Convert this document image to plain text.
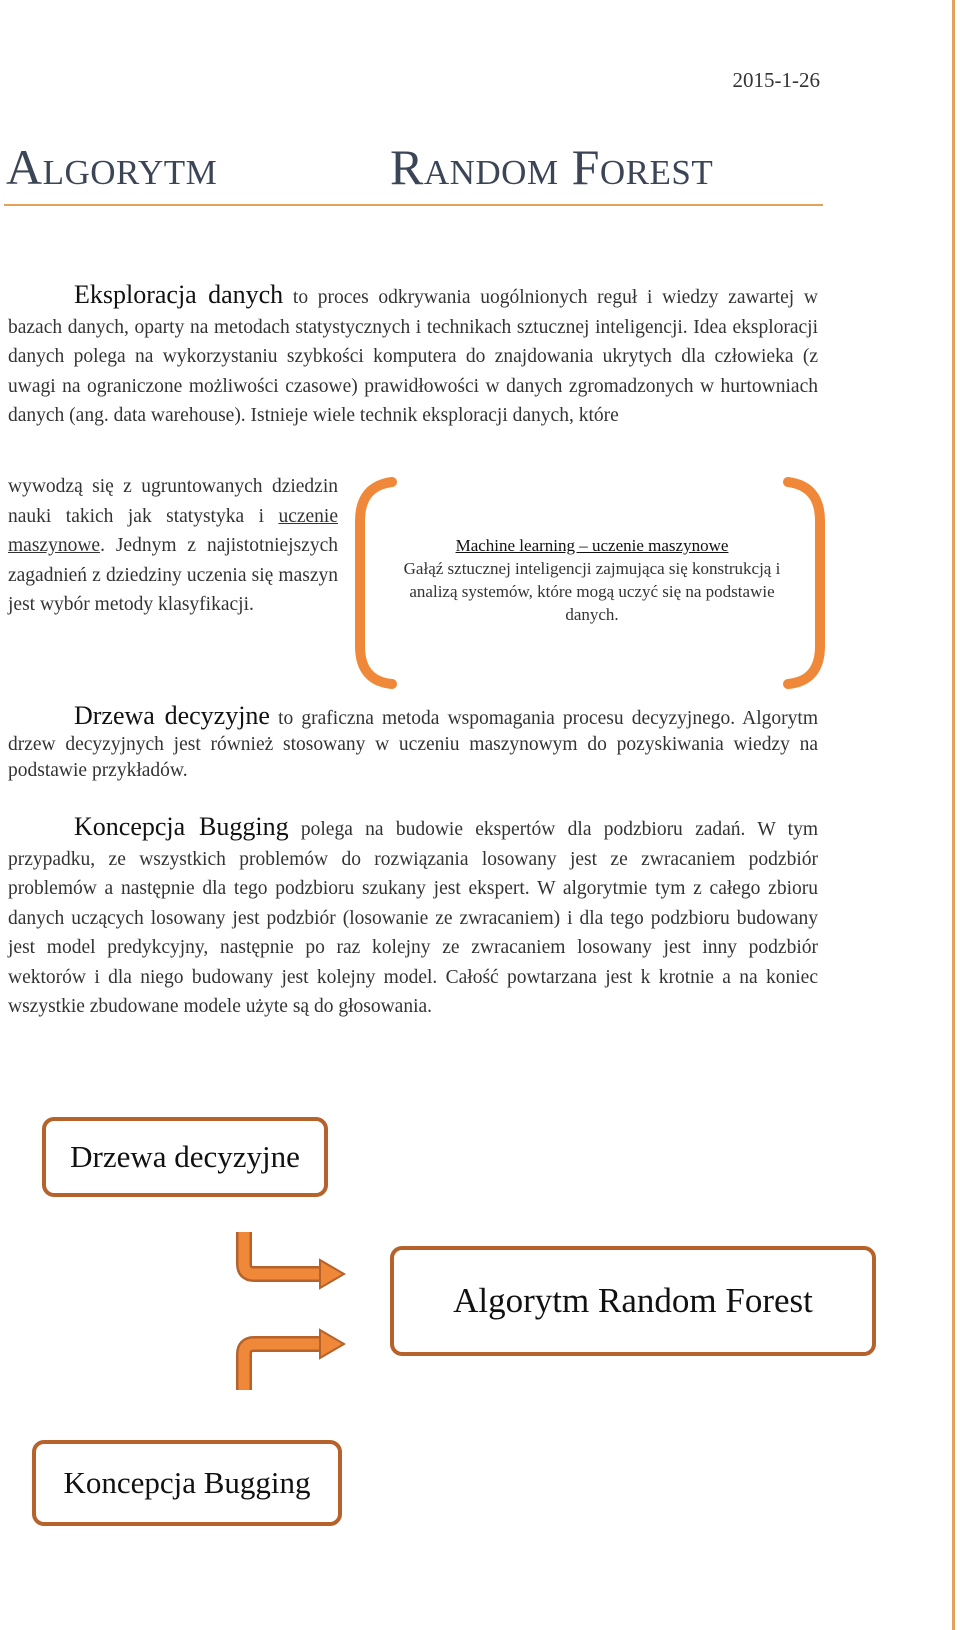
2015-1-26
Algorytm	Random Forest
Eksploracja danych to proces odkrywania uogólnionych reguł i wiedzy zawartej w bazach danych, oparty na metodach statystycznych i technikach sztucznej inteligencji. Idea eksploracji danych polega na wykorzystaniu szybkości komputera do znajdowania ukrytych dla człowieka (z uwagi na ograniczone możliwości czasowe) prawidłowości w danych zgromadzonych w hurtowniach danych (ang. data warehouse). Istnieje wiele technik eksploracji danych, które
wywodzą się z ugruntowanych dziedzin nauki takich jak statystyka i uczenie maszynowe. Jednym z najistotniejszych zagadnień z dziedziny uczenia się maszyn jest wybór metody klasyfikacji.
Machine learning – uczenie maszynowe
Gałąź sztucznej inteligencji zajmująca się konstrukcją i analizą systemów, które mogą uczyć się na podstawie danych.
Drzewa decyzyjne to graficzna metoda wspomagania procesu decyzyjnego. Algorytm drzew decyzyjnych jest również stosowany w uczeniu maszynowym do pozyskiwania wiedzy na podstawie przykładów.
Koncepcja Bugging polega na budowie ekspertów dla podzbioru zadań. W tym przypadku, ze wszystkich problemów do rozwiązania losowany jest ze zwracaniem podzbiór problemów a następnie dla tego podzbioru szukany jest ekspert. W algorytmie tym z całego zbioru danych uczących losowany jest podzbiór (losowanie ze zwracaniem) i dla tego podzbioru budowany jest model predykcyjny, następnie po raz kolejny ze zwracaniem losowany jest inny podzbiór wektorów i dla niego budowany jest kolejny model. Całość powtarzana jest k krotnie a na koniec wszystkie zbudowane modele użyte są do głosowania.
Drzewa decyzyjne
Algorytm Random Forest
Koncepcja Bugging
